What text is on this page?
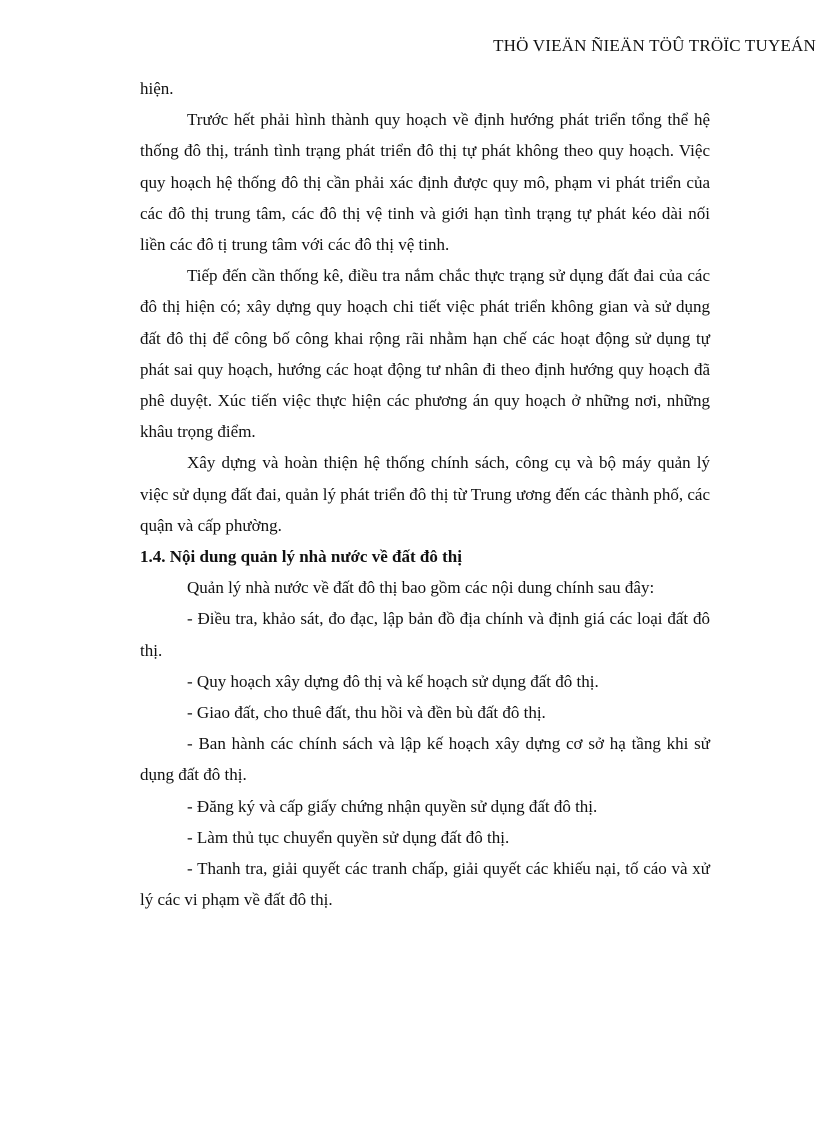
THÖ VIEÄN ÑIEÄN TÖÛ TRÖÏC TUYEÁN

hiện.

Trước hết phải hình thành quy hoạch về định hướng phát triển tổng thể hệ thống đô thị, tránh tình trạng phát triển đô thị tự phát không theo quy hoạch. Việc quy hoạch hệ thống đô thị cần phải xác định được quy mô, phạm vi phát triển của các đô thị trung tâm, các đô thị vệ tinh và giới hạn tình trạng tự phát kéo dài nối liền các đô tị trung tâm với các đô thị vệ tinh.

Tiếp đến cần thống kê, điều tra nắm chắc thực trạng sử dụng đất đai của các đô thị hiện có; xây dựng quy hoạch chi tiết việc phát triển không gian và sử dụng đất đô thị để công bố công khai rộng rãi nhằm hạn chế các hoạt động sử dụng tự phát sai quy hoạch, hướng các hoạt động tư nhân đi theo định hướng quy hoạch đã phê duyệt. Xúc tiến việc thực hiện các phương án quy hoạch ở những nơi, những khâu trọng điểm.

Xây dựng và hoàn thiện hệ thống chính sách, công cụ và bộ máy quản lý việc sử dụng đất đai, quản lý phát triển đô thị từ Trung ương đến các thành phố, các quận và cấp phường.

1.4. Nội dung quản lý nhà nước về đất đô thị

Quản lý nhà nước về đất đô thị bao gồm các nội dung chính sau đây:

- Điều tra, khảo sát, đo đạc, lập bản đồ địa chính và định giá các loại đất đô thị.

- Quy hoạch xây dựng đô thị và kế hoạch sử dụng đất đô thị.

- Giao đất, cho thuê đất, thu hồi và đền bù đất đô thị.

- Ban hành các chính sách và lập kế hoạch xây dựng cơ sở hạ tầng khi sử dụng đất đô thị.

- Đăng ký và cấp giấy chứng nhận quyền sử dụng đất đô thị.

- Làm thủ tục chuyển quyền sử dụng đất đô thị.

- Thanh tra, giải quyết các tranh chấp, giải quyết các khiếu nại, tố cáo và xử lý các vi phạm về đất đô thị.
